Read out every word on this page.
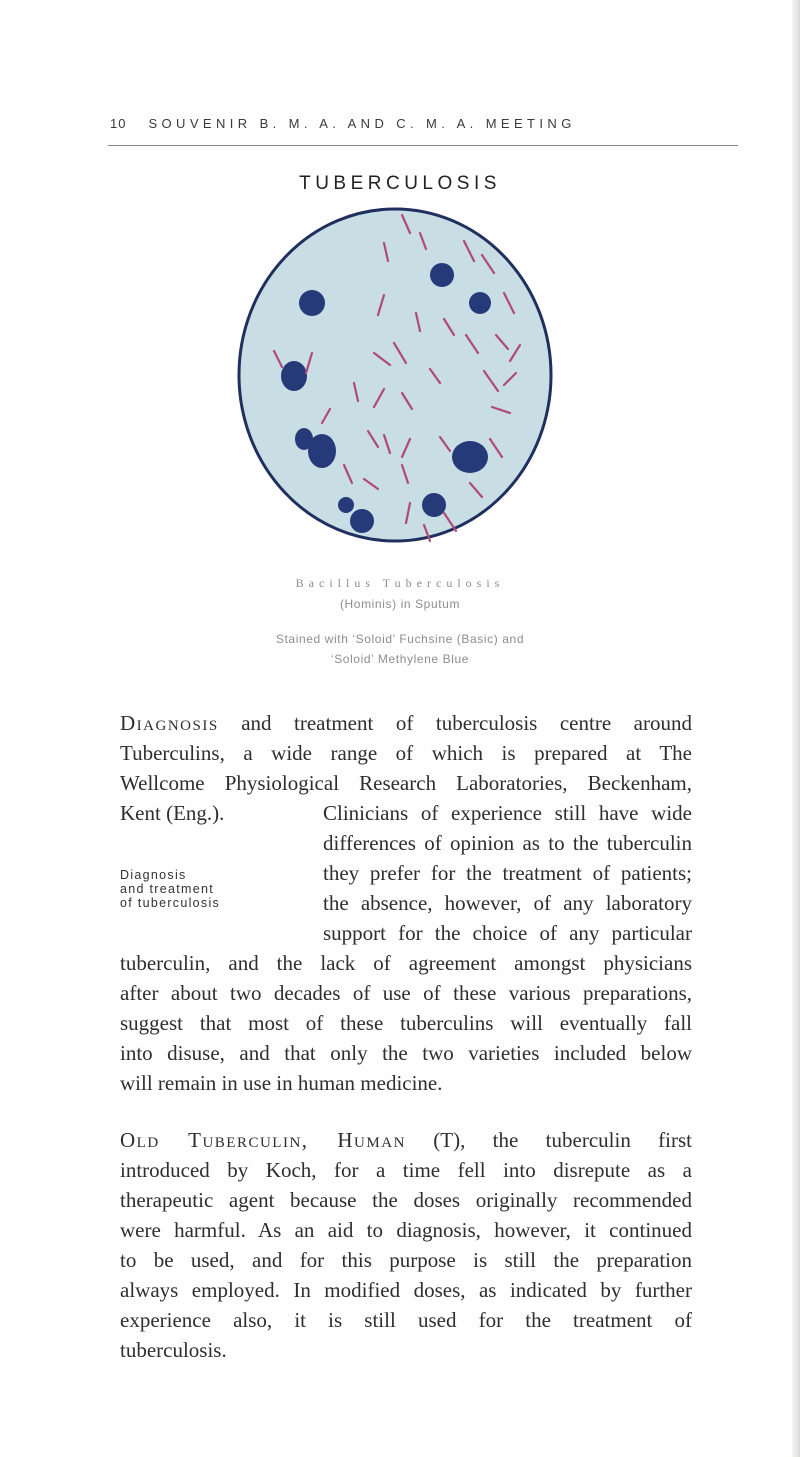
10 SOUVENIR B. M. A. AND C. M. A. MEETING
TUBERCULOSIS
Bacillus Tuberculosis
(Hominis) in Sputum
Stained with ‘Soloid’ Fuchsine (Basic) and
‘Soloid’ Methylene Blue
Diagnosis and treatment of tuberculosis centre around
Tuberculins, a wide range of which is prepared at The
Wellcome Physiological Research Laboratories, Beckenham,
Kent (Eng.).	Clinicians of experience still have wide
differences of opinion as to the tuberculin
Diagnosis
and treatment
of tuberculosis
they prefer for the treatment of patients;
the absence, however, of any laboratory
support for the choice of any particular
tuberculin, and the lack of agreement amongst physicians
after about two decades of use of these various preparations,
suggest that most of these tuberculins will eventually fall
into disuse, and that only the two varieties included below
will remain in use in human medicine.
Old Tuberculin, Human (T), the tuberculin first
introduced by Koch, for a time fell into disrepute as a
therapeutic agent because the doses originally recommended
were harmful. As an aid to diagnosis, however, it continued
to be used, and for this purpose is still the preparation
always employed. In modified doses, as indicated by further
experience also, it is still used for the treatment of
tuberculosis.
